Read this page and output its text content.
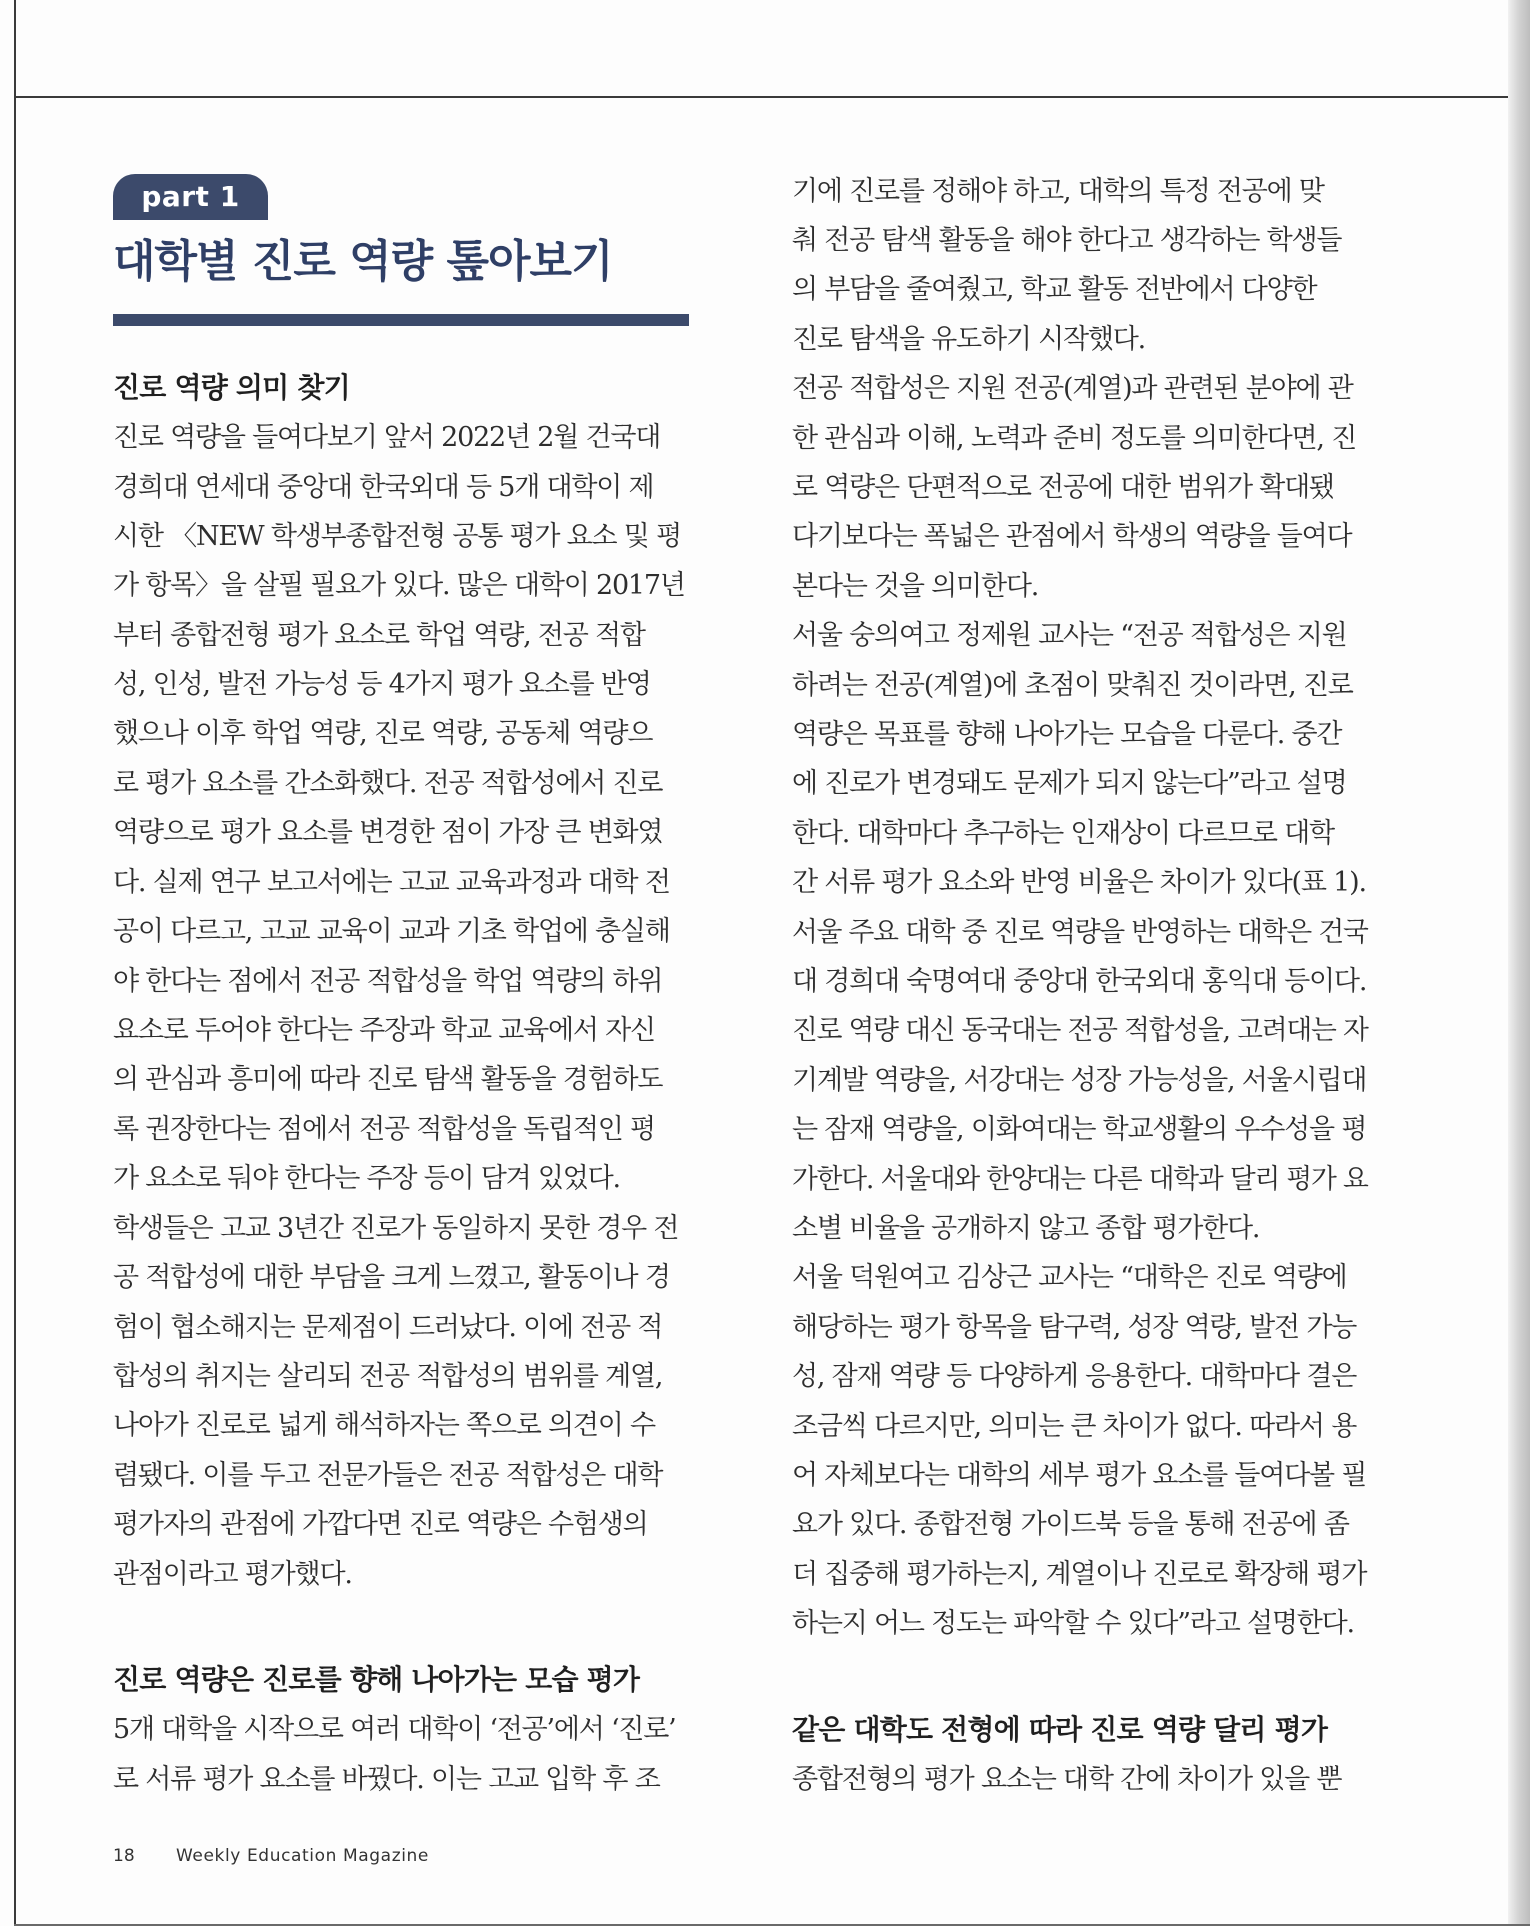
part 1
대학별 진로 역량 톺아보기
진로 역량 의미 찾기
진로 역량을 들여다보기 앞서 2022년 2월 건국대
경희대 연세대 중앙대 한국외대 등 5개 대학이 제
시한 〈NEW 학생부종합전형 공통 평가 요소 및 평
가 항목〉을 살필 필요가 있다. 많은 대학이 2017년
부터 종합전형 평가 요소로 학업 역량, 전공 적합
성, 인성, 발전 가능성 등 4가지 평가 요소를 반영
했으나 이후 학업 역량, 진로 역량, 공동체 역량으
로 평가 요소를 간소화했다. 전공 적합성에서 진로
역량으로 평가 요소를 변경한 점이 가장 큰 변화였
다. 실제 연구 보고서에는 고교 교육과정과 대학 전
공이 다르고, 고교 교육이 교과 기초 학업에 충실해
야 한다는 점에서 전공 적합성을 학업 역량의 하위
요소로 두어야 한다는 주장과 학교 교육에서 자신
의 관심과 흥미에 따라 진로 탐색 활동을 경험하도
록 권장한다는 점에서 전공 적합성을 독립적인 평
가 요소로 둬야 한다는 주장 등이 담겨 있었다.
학생들은 고교 3년간 진로가 동일하지 못한 경우 전
공 적합성에 대한 부담을 크게 느꼈고, 활동이나 경
험이 협소해지는 문제점이 드러났다. 이에 전공 적
합성의 취지는 살리되 전공 적합성의 범위를 계열,
나아가 진로로 넓게 해석하자는 쪽으로 의견이 수
렴됐다. 이를 두고 전문가들은 전공 적합성은 대학
평가자의 관점에 가깝다면 진로 역량은 수험생의
관점이라고 평가했다.
진로 역량은 진로를 향해 나아가는 모습 평가
5개 대학을 시작으로 여러 대학이 ‘전공’에서 ‘진로’
로 서류 평가 요소를 바꿨다. 이는 고교 입학 후 조
기에 진로를 정해야 하고, 대학의 특정 전공에 맞
춰 전공 탐색 활동을 해야 한다고 생각하는 학생들
의 부담을 줄여줬고, 학교 활동 전반에서 다양한
진로 탐색을 유도하기 시작했다.
전공 적합성은 지원 전공(계열)과 관련된 분야에 관
한 관심과 이해, 노력과 준비 정도를 의미한다면, 진
로 역량은 단편적으로 전공에 대한 범위가 확대됐
다기보다는 폭넓은 관점에서 학생의 역량을 들여다
본다는 것을 의미한다.
서울 숭의여고 정제원 교사는 “전공 적합성은 지원
하려는 전공(계열)에 초점이 맞춰진 것이라면, 진로
역량은 목표를 향해 나아가는 모습을 다룬다. 중간
에 진로가 변경돼도 문제가 되지 않는다”라고 설명
한다. 대학마다 추구하는 인재상이 다르므로 대학
간 서류 평가 요소와 반영 비율은 차이가 있다(표 1).
서울 주요 대학 중 진로 역량을 반영하는 대학은 건국
대 경희대 숙명여대 중앙대 한국외대 홍익대 등이다.
진로 역량 대신 동국대는 전공 적합성을, 고려대는 자
기계발 역량을, 서강대는 성장 가능성을, 서울시립대
는 잠재 역량을, 이화여대는 학교생활의 우수성을 평
가한다. 서울대와 한양대는 다른 대학과 달리 평가 요
소별 비율을 공개하지 않고 종합 평가한다.
서울 덕원여고 김상근 교사는 “대학은 진로 역량에
해당하는 평가 항목을 탐구력, 성장 역량, 발전 가능
성, 잠재 역량 등 다양하게 응용한다. 대학마다 결은
조금씩 다르지만, 의미는 큰 차이가 없다. 따라서 용
어 자체보다는 대학의 세부 평가 요소를 들여다볼 필
요가 있다. 종합전형 가이드북 등을 통해 전공에 좀
더 집중해 평가하는지, 계열이나 진로로 확장해 평가
하는지 어느 정도는 파악할 수 있다”라고 설명한다.
같은 대학도 전형에 따라 진로 역량 달리 평가
종합전형의 평가 요소는 대학 간에 차이가 있을 뿐
18 Weekly Education Magazine
